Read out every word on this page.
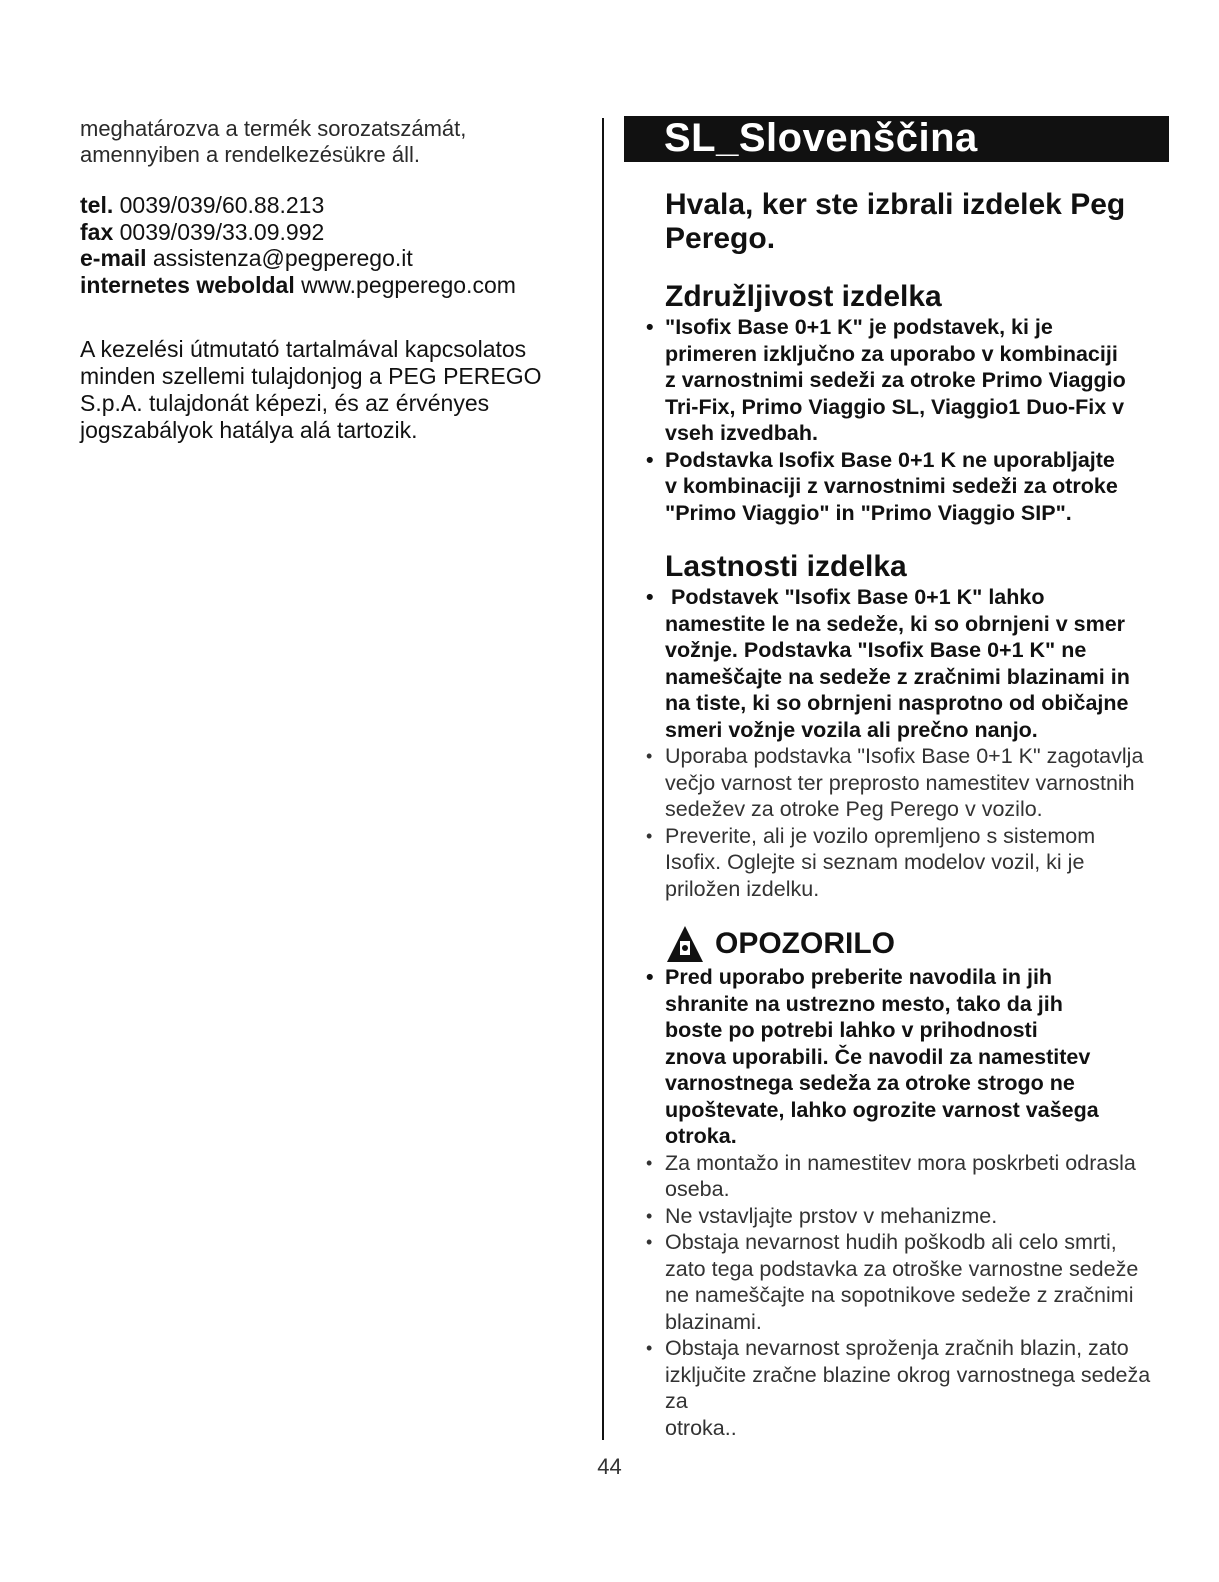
meghatározva a termék sorozatszámát,

amennyiben a rendelkezésükre áll.

tel. 0039/039/60.88.213

fax 0039/039/33.09.992

e-mail assistenza@pegperego.it

internetes weboldal www.pegperego.com

A kezelési útmutató tartalmával kapcsolatos

minden szellemi tulajdonjog a PEG PEREGO

S.p.A. tulajdonát képezi, és az érvényes

jogszabályok hatálya alá tartozik.

SL_Slovenščina

Hvala, ker ste izbrali izdelek Peg

Perego.

Združljivost izdelka

• "Isofix Base 0+1 K" je podstavek, ki je

primeren izključno za uporabo v kombinaciji

z varnostnimi sedeži za otroke Primo Viaggio

Tri-Fix, Primo Viaggio SL, Viaggio1 Duo-Fix v

vseh izvedbah.

• Podstavka Isofix Base 0+1 K ne uporabljajte

v kombinaciji z varnostnimi sedeži za otroke

"Primo Viaggio" in "Primo Viaggio SIP".

Lastnosti izdelka

•  Podstavek "Isofix Base 0+1 K" lahko

namestite le na sedeže, ki so obrnjeni v smer

vožnje. Podstavka "Isofix Base 0+1 K" ne

nameščajte na sedeže z zračnimi blazinami in

na tiste, ki so obrnjeni nasprotno od običajne

smeri vožnje vozila ali prečno nanjo.

• Uporaba podstavka "Isofix Base 0+1 K" zagotavlja

večjo varnost ter preprosto namestitev varnostnih

sedežev za otroke Peg Perego v vozilo.

• Preverite, ali je vozilo opremljeno s sistemom

Isofix. Oglejte si seznam modelov vozil, ki je

priložen izdelku.

OPOZORILO

• Pred uporabo preberite navodila in jih

shranite na ustrezno mesto, tako da jih

boste po potrebi lahko v prihodnosti

znova uporabili. Če navodil za namestitev

varnostnega sedeža za otroke strogo ne

upoštevate, lahko ogrozite varnost vašega

otroka.

• Za montažo in namestitev mora poskrbeti odrasla

oseba.

• Ne vstavljajte prstov v mehanizme.

• Obstaja nevarnost hudih poškodb ali celo smrti,

zato tega podstavka za otroške varnostne sedeže

ne nameščajte na sopotnikove sedeže z zračnimi

blazinami.

• Obstaja nevarnost sproženja zračnih blazin, zato

izključite zračne blazine okrog varnostnega sedeža za

otroka..

44
